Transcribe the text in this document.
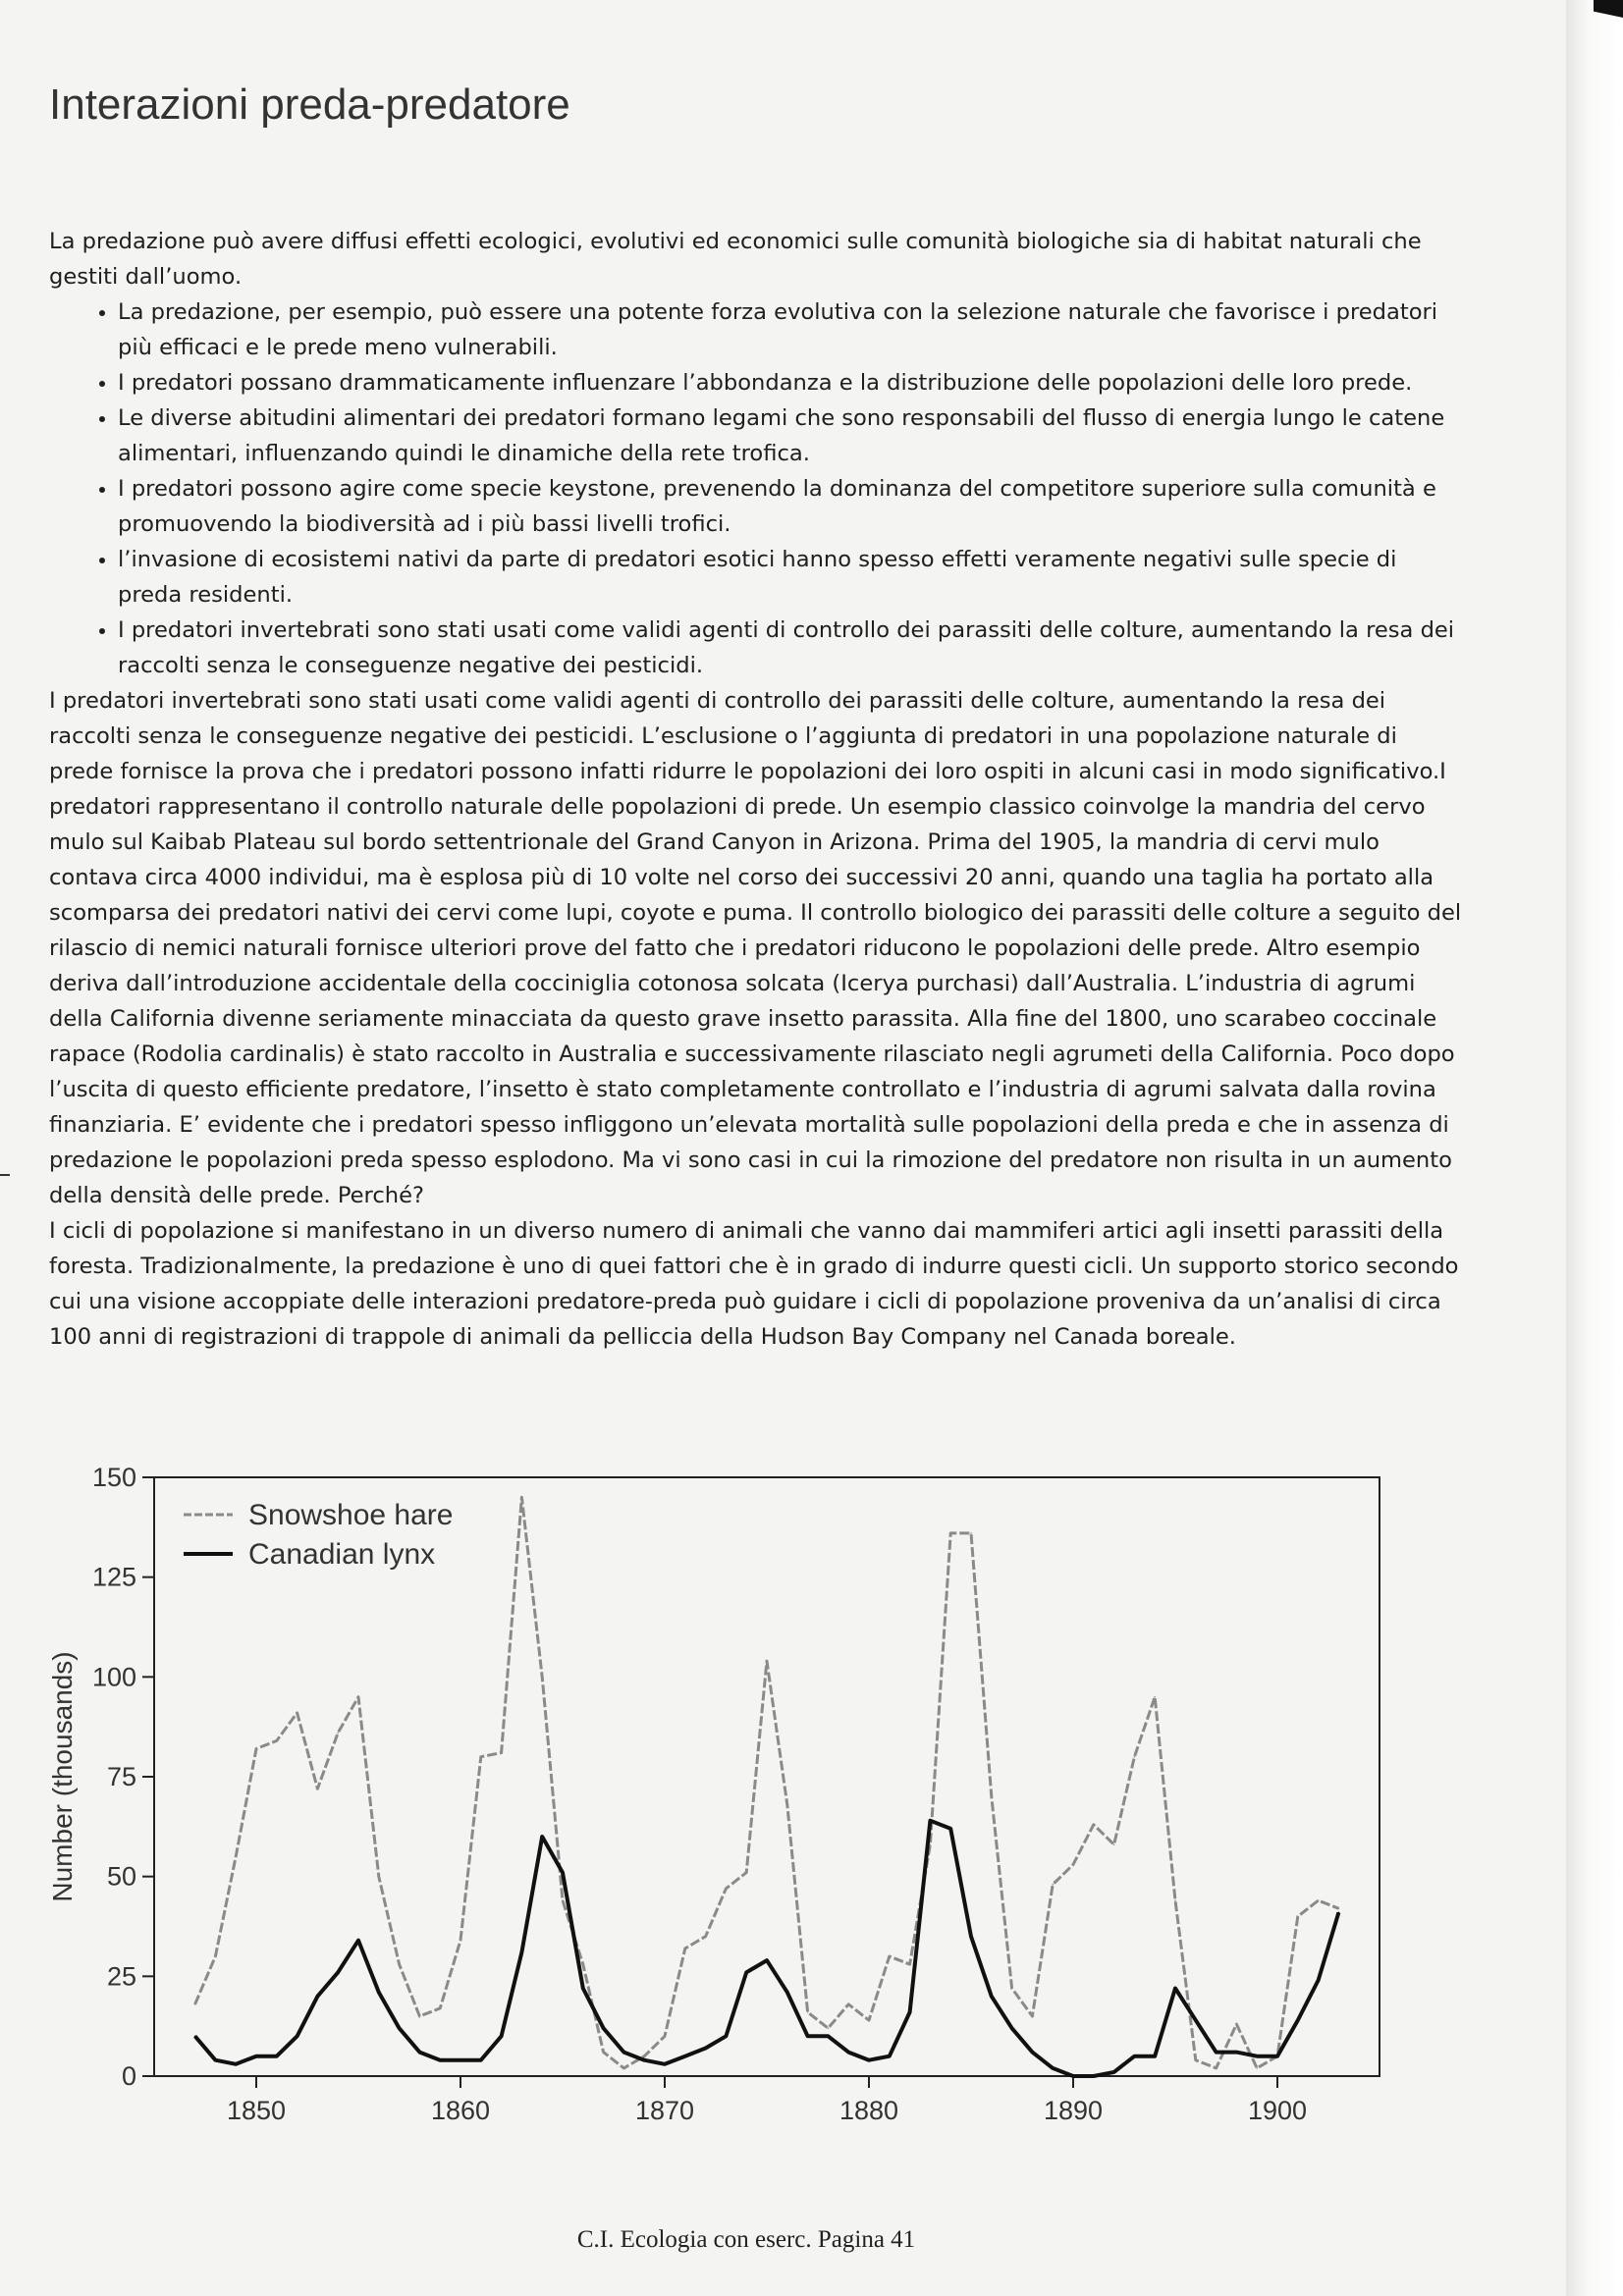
Interazioni preda-predatore

La predazione può avere diffusi effetti ecologici, evolutivi ed economici sulle comunità biologiche sia di habitat naturali che gestiti dall’uomo.

• La predazione, per esempio, può essere una potente forza evolutiva con la selezione naturale che favorisce i predatori più efficaci e le prede meno vulnerabili.
• I predatori possano drammaticamente influenzare l’abbondanza e la distribuzione delle popolazioni delle loro prede.
• Le diverse abitudini alimentari dei predatori formano legami che sono responsabili del flusso di energia lungo le catene alimentari, influenzando quindi le dinamiche della rete trofica.
• I predatori possono agire come specie keystone, prevenendo la dominanza del competitore superiore sulla comunità e promuovendo la biodiversità ad i più bassi livelli trofici.
• l’invasione di ecosistemi nativi da parte di predatori esotici hanno spesso effetti veramente negativi sulle specie di preda residenti.
• I predatori invertebrati sono stati usati come validi agenti di controllo dei parassiti delle colture, aumentando la resa dei raccolti senza le conseguenze negative dei pesticidi.

I predatori invertebrati sono stati usati come validi agenti di controllo dei parassiti delle colture, aumentando la resa dei raccolti senza le conseguenze negative dei pesticidi. L’esclusione o l’aggiunta di predatori in una popolazione naturale di prede fornisce la prova che i predatori possono infatti ridurre le popolazioni dei loro ospiti in alcuni casi in modo significativo.I predatori rappresentano il controllo naturale delle popolazioni di prede. Un esempio classico coinvolge la mandria del cervo mulo sul Kaibab Plateau sul bordo settentrionale del Grand Canyon in Arizona. Prima del 1905, la mandria di cervi mulo contava circa 4000 individui, ma è esplosa più di 10 volte nel corso dei successivi 20 anni, quando una taglia ha portato alla scomparsa dei predatori nativi dei cervi come lupi, coyote e puma. Il controllo biologico dei parassiti delle colture a seguito del rilascio di nemici naturali fornisce ulteriori prove del fatto che i predatori riducono le popolazioni delle prede. Altro esempio deriva dall’introduzione accidentale della cocciniglia cotonosa solcata (Icerya purchasi) dall’Australia. L’industria di agrumi della California divenne seriamente minacciata da questo grave insetto parassita. Alla fine del 1800, uno scarabeo coccinale rapace (Rodolia cardinalis) è stato raccolto in Australia e successivamente rilasciato negli agrumeti della California. Poco dopo l’uscita di questo efficiente predatore, l’insetto è stato completamente controllato e l’industria di agrumi salvata dalla rovina finanziaria. E’ evidente che i predatori spesso infliggono un’elevata mortalità sulle popolazioni della preda e che in assenza di predazione le popolazioni preda spesso esplodono. Ma vi sono casi in cui la rimozione del predatore non risulta in un aumento della densità delle prede. Perché?

I cicli di popolazione si manifestano in un diverso numero di animali che vanno dai mammiferi artici agli insetti parassiti della foresta. Tradizionalmente, la predazione è uno di quei fattori che è in grado di indurre questi cicli. Un supporto storico secondo cui una visione accoppiate delle interazioni predatore-preda può guidare i cicli di popolazione proveniva da un’analisi di circa 100 anni di registrazioni di trappole di animali da pelliccia della Hudson Bay Company nel Canada boreale.

0
25
50
75
100
125
150
1850	1860	1870	1880	1890	1900
Snowshoe hare
Canadian lynx
Number (thousands)
C.I. Ecologia con eserc. Pagina 41
